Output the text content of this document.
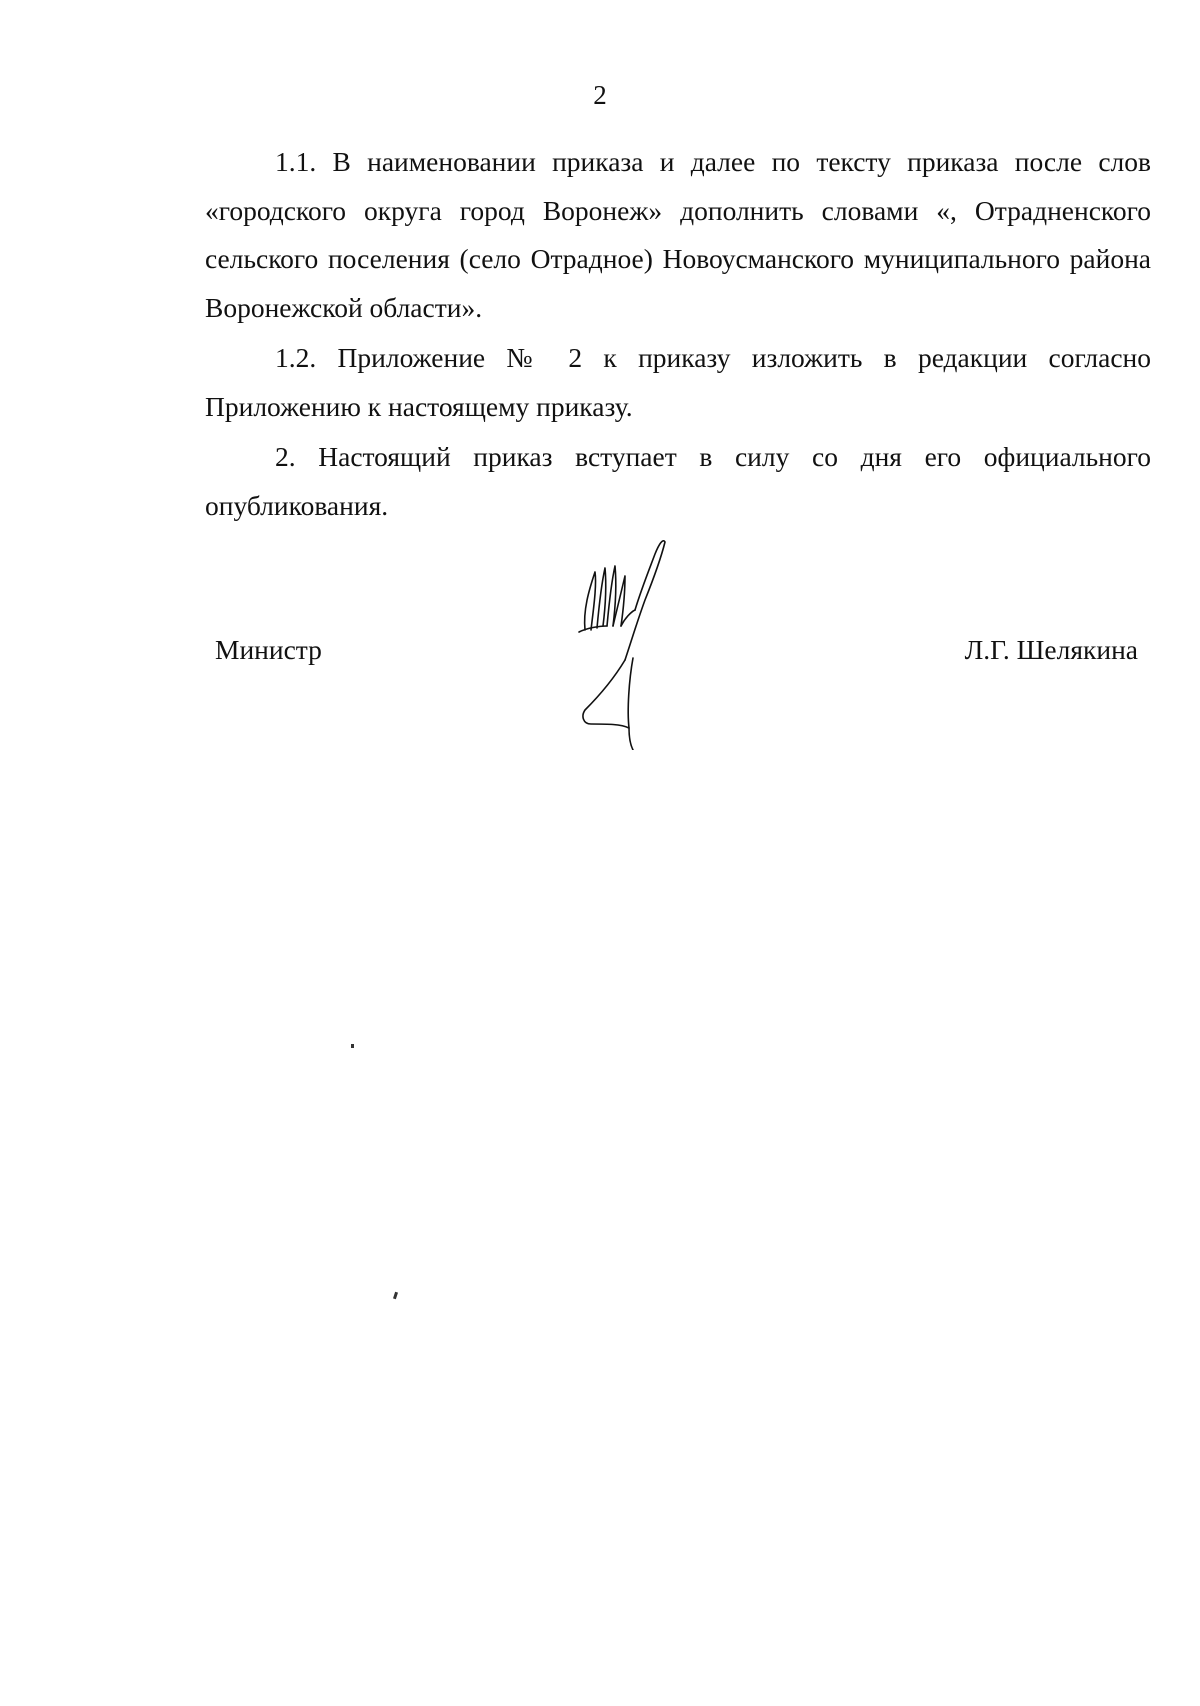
2

1.1. В наименовании приказа и далее по тексту приказа после слов «городского округа город Воронеж» дополнить словами «, Отрадненского сельского поселения (село Отрадное) Новоусманского муниципального района Воронежской области».

1.2. Приложение № 2 к приказу изложить в редакции согласно Приложению к настоящему приказу.

2. Настоящий приказ вступает в силу со дня его официального опубликования.

Министр	Л.Г. Шелякина
